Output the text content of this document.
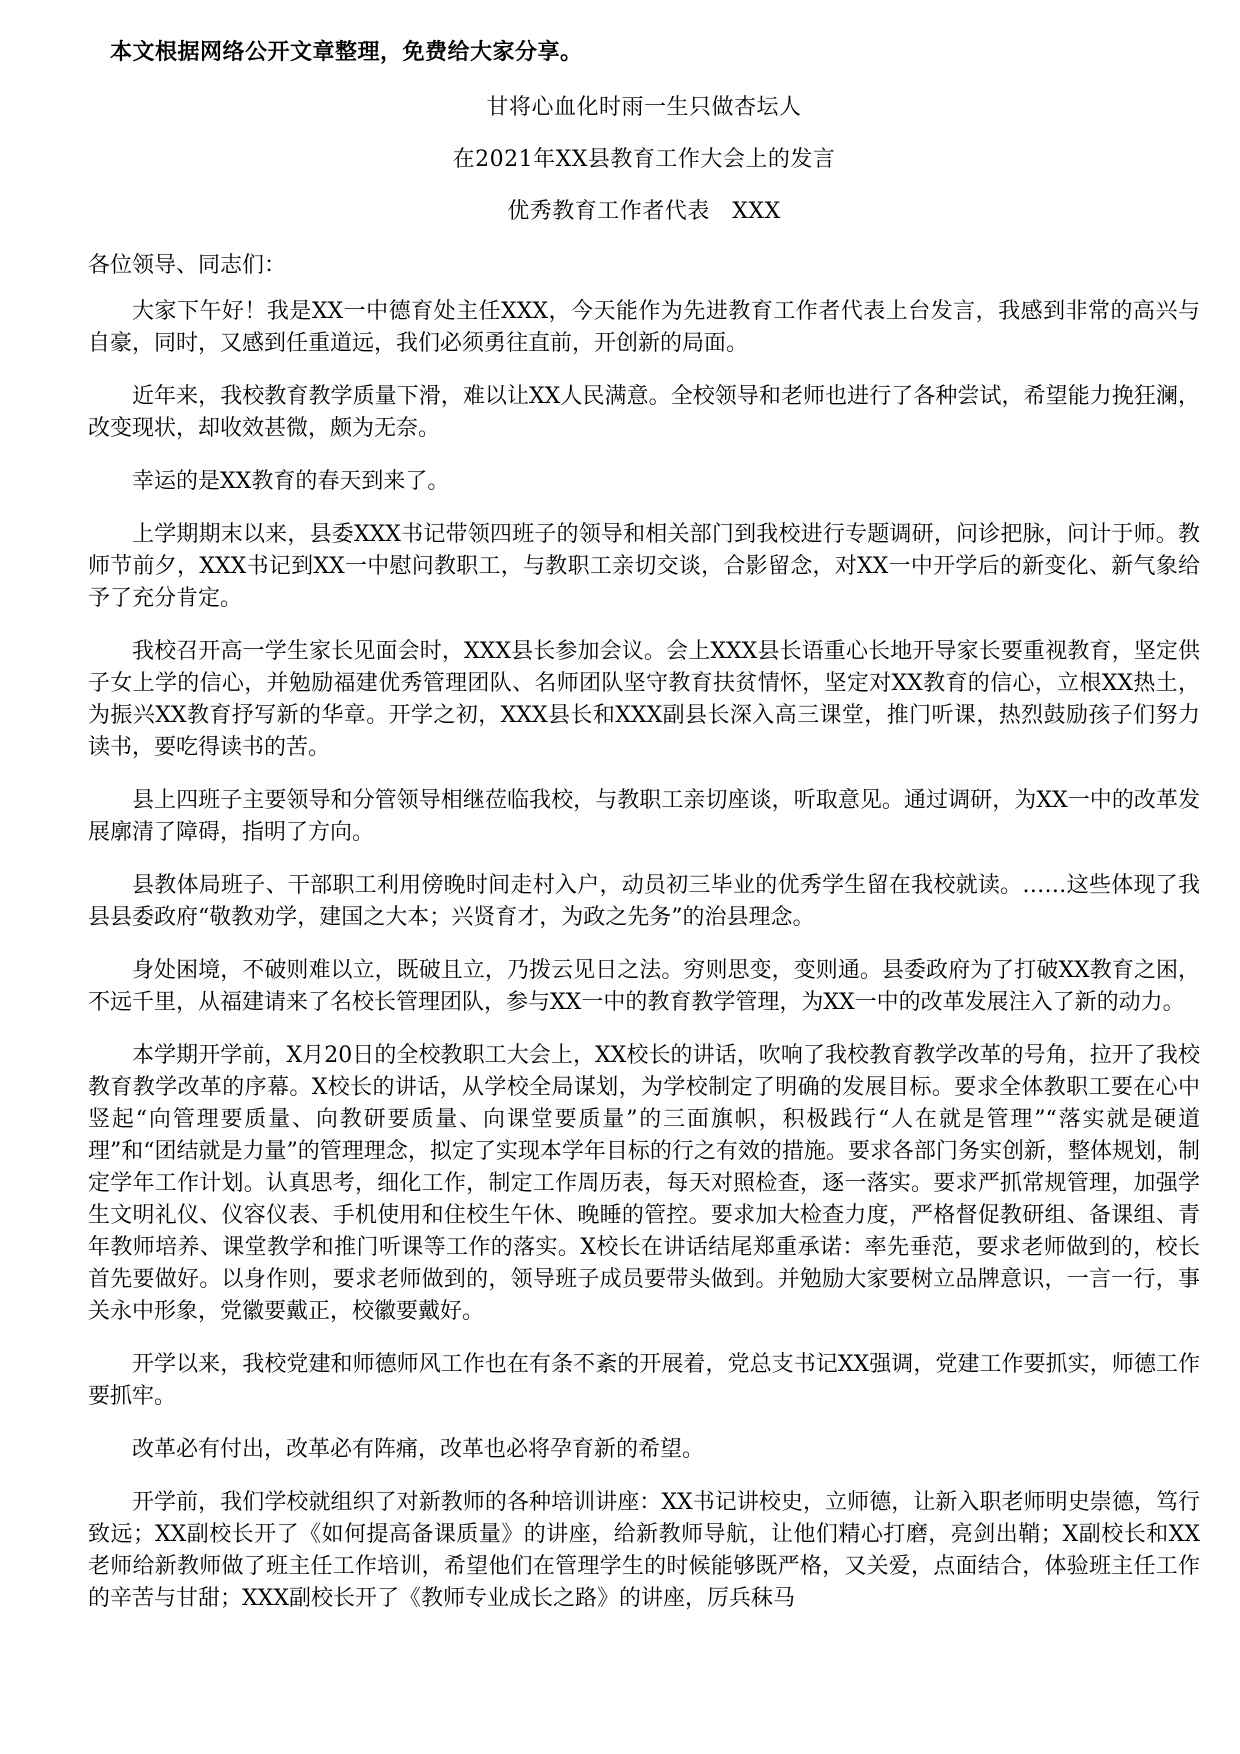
本文根据网络公开文章整理，免费给大家分享。
甘将心血化时雨一生只做杏坛人
在2021年XX县教育工作大会上的发言
优秀教育工作者代表　XXX
各位领导、同志们：

大家下午好！我是XX一中德育处主任XXX，今天能作为先进教育工作者代表上台发言，我感到非常的高兴与自豪，同时，又感到任重道远，我们必须勇往直前，开创新的局面。

近年来，我校教育教学质量下滑，难以让XX人民满意。全校领导和老师也进行了各种尝试，希望能力挽狂澜，改变现状，却收效甚微，颇为无奈。

幸运的是XX教育的春天到来了。

上学期期末以来，县委XXX书记带领四班子的领导和相关部门到我校进行专题调研，问诊把脉，问计于师。教师节前夕，XXX书记到XX一中慰问教职工，与教职工亲切交谈，合影留念，对XX一中开学后的新变化、新气象给予了充分肯定。

我校召开高一学生家长见面会时，XXX县长参加会议。会上XXX县长语重心长地开导家长要重视教育，坚定供子女上学的信心，并勉励福建优秀管理团队、名师团队坚守教育扶贫情怀，坚定对XX教育的信心，立根XX热土，为振兴XX教育抒写新的华章。开学之初，XXX县长和XXX副县长深入高三课堂，推门听课，热烈鼓励孩子们努力读书，要吃得读书的苦。

县上四班子主要领导和分管领导相继莅临我校，与教职工亲切座谈，听取意见。通过调研，为XX一中的改革发展廓清了障碍，指明了方向。

县教体局班子、干部职工利用傍晚时间走村入户，动员初三毕业的优秀学生留在我校就读。……这些体现了我县县委政府“敬教劝学，建国之大本；兴贤育才，为政之先务”的治县理念。

身处困境，不破则难以立，既破且立，乃拨云见日之法。穷则思变，变则通。县委政府为了打破XX教育之困，不远千里，从福建请来了名校长管理团队，参与XX一中的教育教学管理，为XX一中的改革发展注入了新的动力。

本学期开学前，X月20日的全校教职工大会上，XX校长的讲话，吹响了我校教育教学改革的号角，拉开了我校教育教学改革的序幕。X校长的讲话，从学校全局谋划，为学校制定了明确的发展目标。要求全体教职工要在心中竖起“向管理要质量、向教研要质量、向课堂要质量”的三面旗帜，积极践行“人在就是管理”“落实就是硬道理”和“团结就是力量”的管理理念，拟定了实现本学年目标的行之有效的措施。要求各部门务实创新，整体规划，制定学年工作计划。认真思考，细化工作，制定工作周历表，每天对照检查，逐一落实。要求严抓常规管理，加强学生文明礼仪、仪容仪表、手机使用和住校生午休、晚睡的管控。要求加大检查力度，严格督促教研组、备课组、青年教师培养、课堂教学和推门听课等工作的落实。X校长在讲话结尾郑重承诺：率先垂范，要求老师做到的，校长首先要做好。以身作则，要求老师做到的，领导班子成员要带头做到。并勉励大家要树立品牌意识，一言一行，事关永中形象，党徽要戴正，校徽要戴好。

开学以来，我校党建和师德师风工作也在有条不紊的开展着，党总支书记XX强调，党建工作要抓实，师德工作要抓牢。

改革必有付出，改革必有阵痛，改革也必将孕育新的希望。

开学前，我们学校就组织了对新教师的各种培训讲座：XX书记讲校史，立师德，让新入职老师明史崇德，笃行致远；XX副校长开了《如何提高备课质量》的讲座，给新教师导航，让他们精心打磨，亮剑出鞘；X副校长和XX老师给新教师做了班主任工作培训，希望他们在管理学生的时候能够既严格，又关爱，点面结合，体验班主任工作的辛苦与甘甜；XXX副校长开了《教师专业成长之路》的讲座，厉兵秣马
